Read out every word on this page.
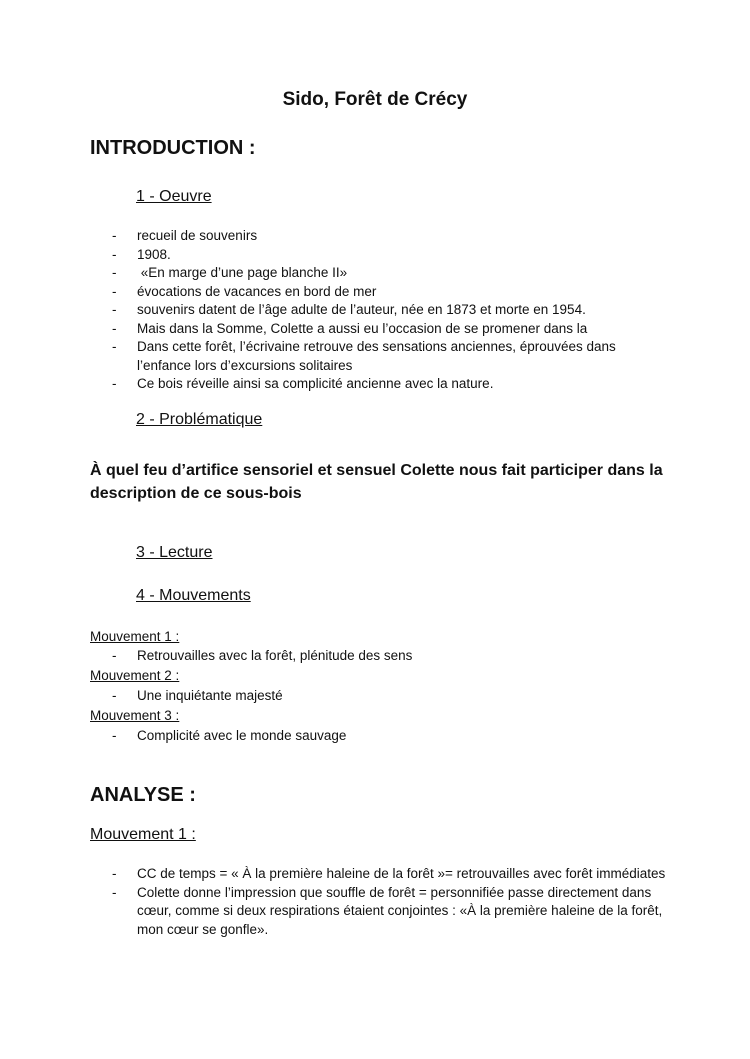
Sido, Forêt de Crécy
INTRODUCTION :
1 - Oeuvre
- recueil de souvenirs
- 1908.
-  «En marge d’une page blanche II»
- évocations de vacances en bord de mer
- souvenirs datent de l’âge adulte de l’auteur, née en 1873 et morte en 1954.
- Mais dans la Somme, Colette a aussi eu l’occasion de se promener dans la
- Dans cette forêt, l’écrivaine retrouve des sensations anciennes, éprouvées dans l’enfance lors d’excursions solitaires
- Ce bois réveille ainsi sa complicité ancienne avec la nature.
2 - Problématique
À quel feu d’artifice sensoriel et sensuel Colette nous fait participer dans la description de ce sous-bois
3 - Lecture
4 - Mouvements
Mouvement 1 :
- Retrouvailles avec la forêt, plénitude des sens
Mouvement 2 :
- Une inquiétante majesté
Mouvement 3 :
- Complicité avec le monde sauvage
ANALYSE :
Mouvement 1 :
- CC de temps = « À la première haleine de la forêt »= retrouvailles avec forêt immédiates
- Colette donne l’impression que souffle de forêt = personnifiée passe directement dans cœur, comme si deux respirations étaient conjointes : «À la première haleine de la forêt, mon cœur se gonfle».
